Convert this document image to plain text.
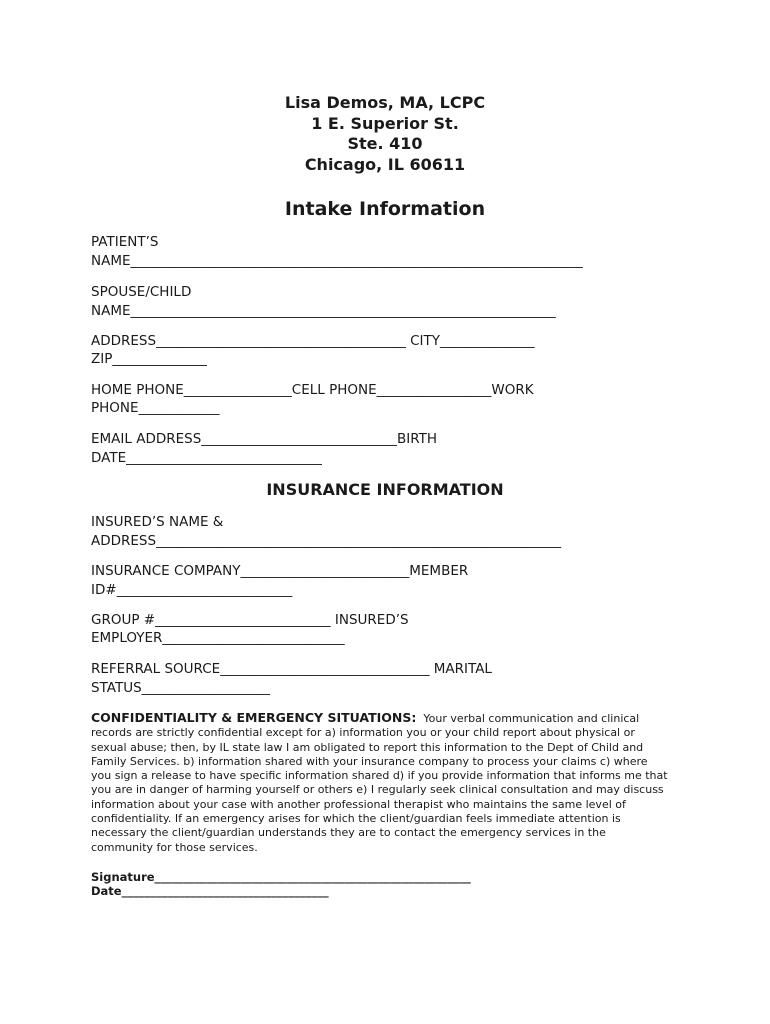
Lisa Demos, MA, LCPC
1 E. Superior St.
Ste. 410
Chicago, IL 60611
Intake Information
PATIENT’S
NAME___________________________________________________________________
SPOUSE/CHILD
NAME_______________________________________________________________
ADDRESS_____________________________________ CITY______________
ZIP______________
HOME PHONE________________CELL PHONE_________________WORK
PHONE____________
EMAIL ADDRESS_____________________________BIRTH
DATE_____________________________
INSURANCE INFORMATION
INSURED’S NAME &
ADDRESS____________________________________________________________
INSURANCE COMPANY_________________________MEMBER
ID#__________________________
GROUP #__________________________ INSURED’S
EMPLOYER___________________________
REFERRAL SOURCE_______________________________ MARITAL
STATUS___________________
CONFIDENTIALITY & EMERGENCY SITUATIONS: Your verbal communication and clinical records are strictly confidential except for a) information you or your child report about physical or sexual abuse; then, by IL state law I am obligated to report this information to the Dept of Child and Family Services. b) information shared with your insurance company to process your claims c) where you sign a release to have specific information shared d) if you provide information that informs me that you are in danger of harming yourself or others e) I regularly seek clinical consultation and may discuss information about your case with another professional therapist who maintains the same level of confidentiality. If an emergency arises for which the client/guardian feels immediate attention is necessary the client/guardian understands they are to contact the emergency services in the community for those services.
Signature_______________________________________________________
Date____________________________________
